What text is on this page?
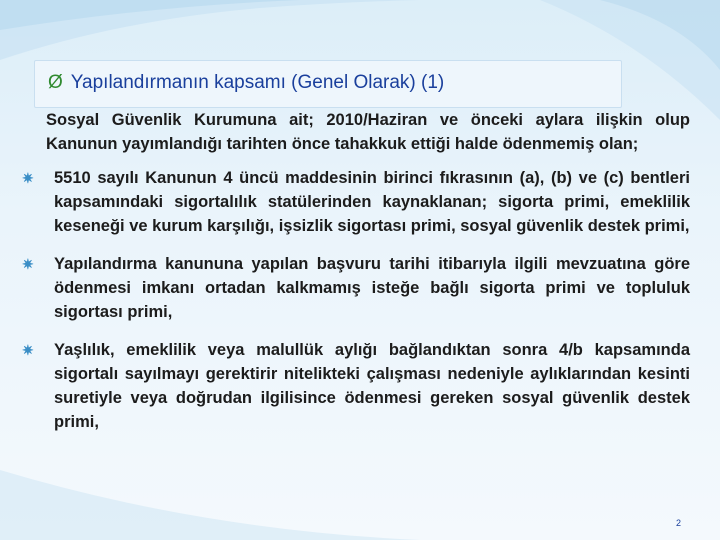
Ø Yapılandırmanın kapsamı (Genel Olarak) (1)

Sosyal Güvenlik Kurumuna ait; 2010/Haziran ve önceki aylara ilişkin olup Kanunun yayımlandığı tarihten önce tahakkuk ettiği halde ödenmemiş olan;

✷ 5510 sayılı Kanunun 4 üncü maddesinin birinci fıkrasının (a), (b) ve (c) bentleri kapsamındaki sigortalılık statülerinden kaynaklanan; sigorta primi, emeklilik keseneği ve kurum karşılığı, işsizlik sigortası primi, sosyal güvenlik destek primi,

✷ Yapılandırma kanununa yapılan başvuru tarihi itibarıyla ilgili mevzuatına göre ödenmesi imkanı ortadan kalkmamış isteğe bağlı sigorta primi ve topluluk sigortası primi,

✷ Yaşlılık, emeklilik veya malullük aylığı bağlandıktan sonra 4/b kapsamında sigortalı sayılmayı gerektirir nitelikteki çalışması nedeniyle aylıklarından kesinti suretiyle veya doğrudan ilgilisince ödenmesi gereken sosyal güvenlik destek primi,

2
